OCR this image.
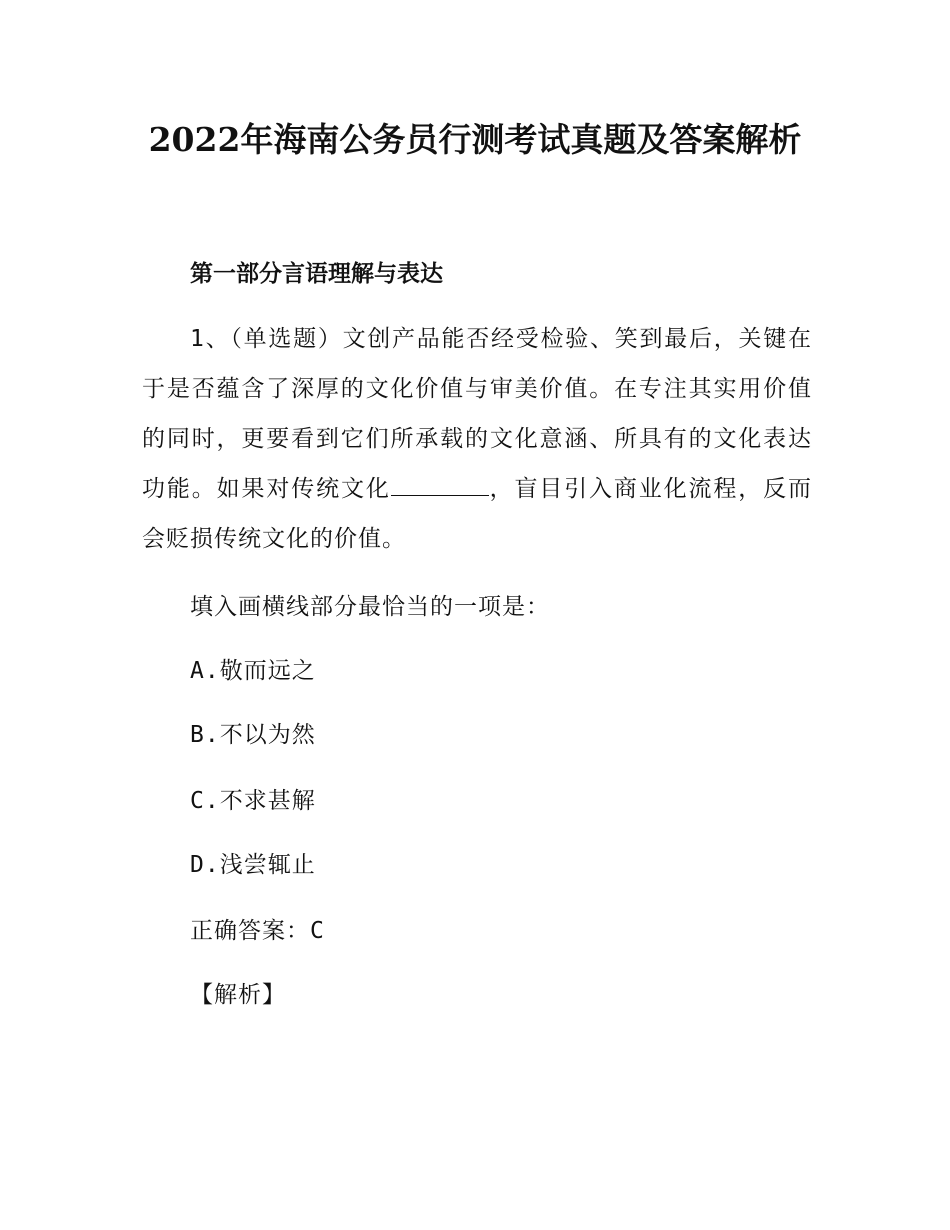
2022年海南公务员行测考试真题及答案解析
第一部分言语理解与表达

1、（单选题）文创产品能否经受检验、笑到最后，关键在于是否蕴含了深厚的文化价值与审美价值。在专注其实用价值的同时，更要看到它们所承载的文化意涵、所具有的文化表达功能。如果对传统文化	，盲目引入商业化流程，反而会贬损传统文化的价值。

填入画横线部分最恰当的一项是：

A.敬而远之

B.不以为然

C.不求甚解

D.浅尝辄止

正确答案：C

【解析】
